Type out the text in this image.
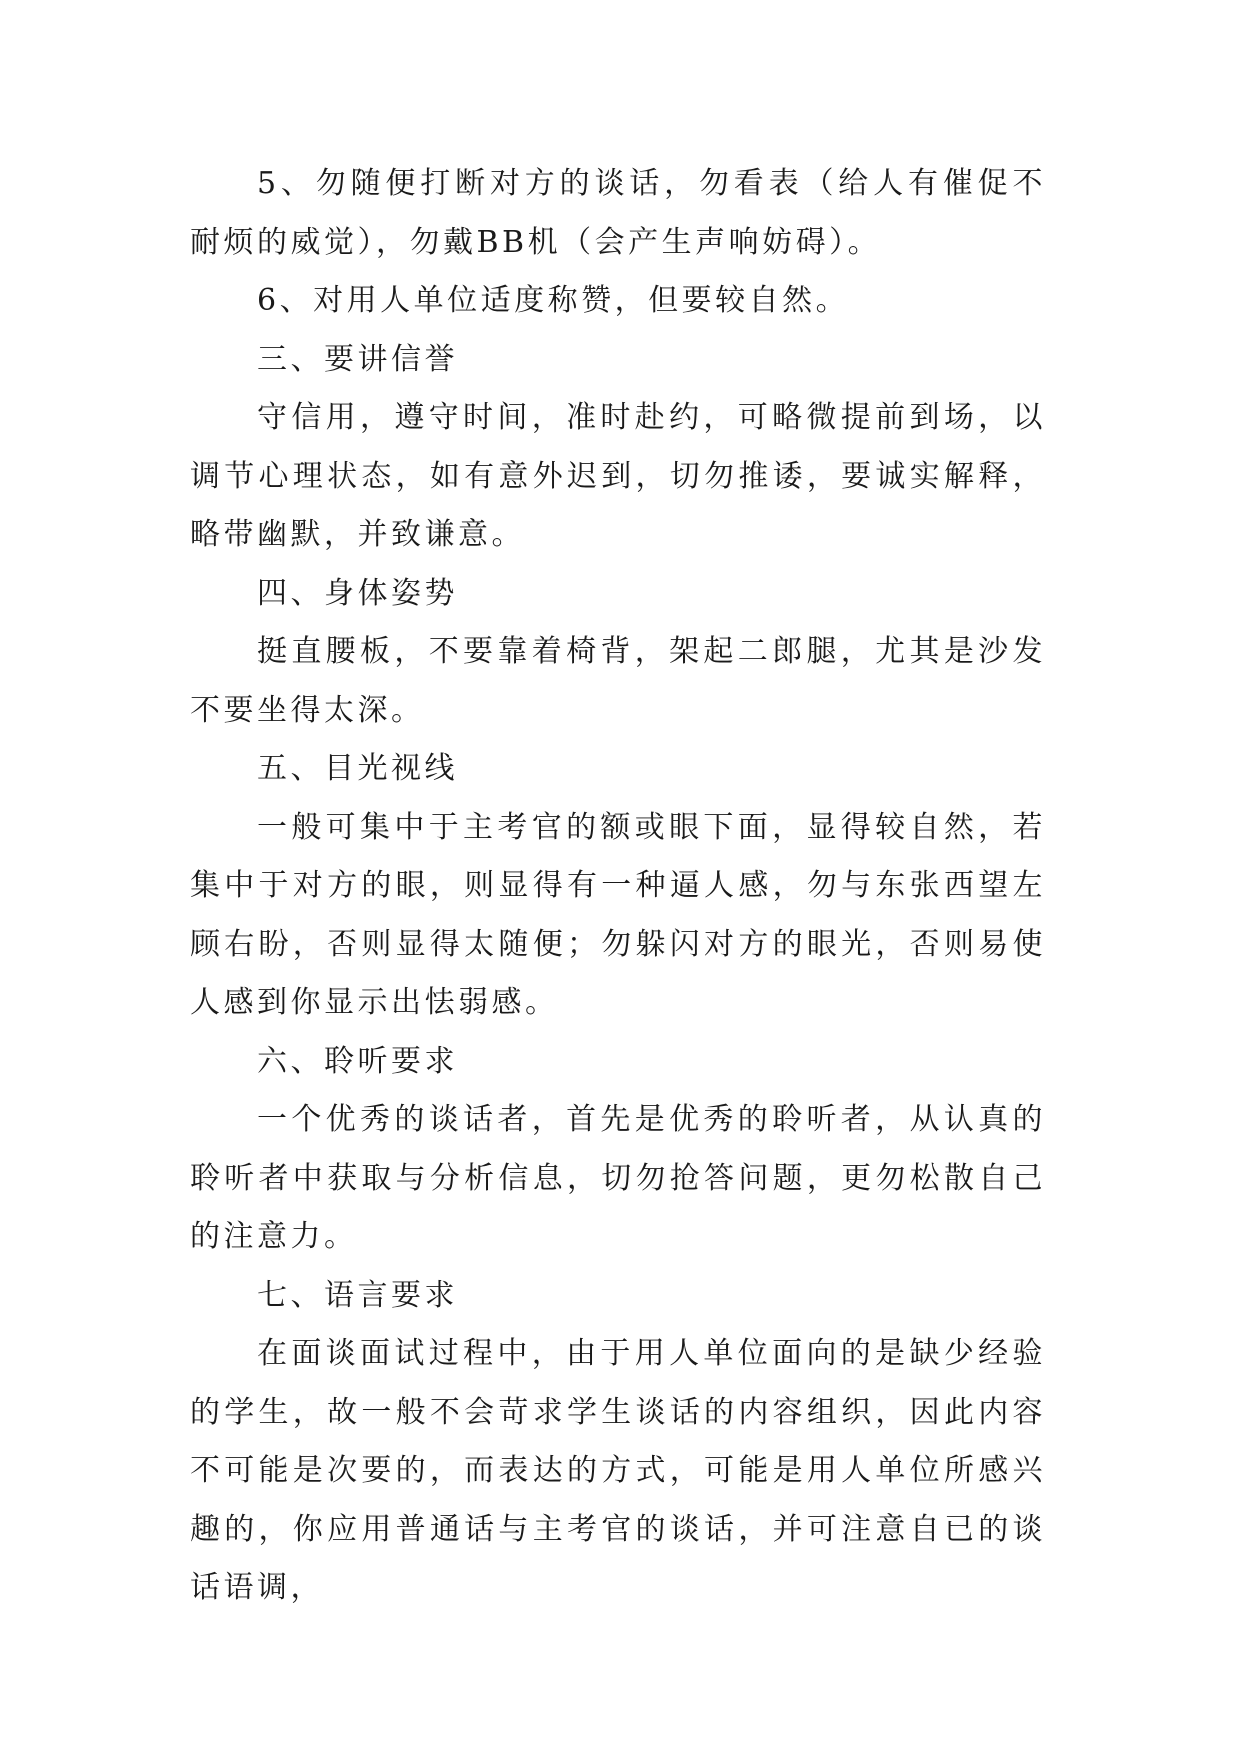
5、勿随便打断对方的谈话，勿看表（给人有催促不耐烦的威觉），勿戴BB机（会产生声响妨碍）。

6、对用人单位适度称赞，但要较自然。

三、要讲信誉

守信用，遵守时间，准时赴约，可略微提前到场，以调节心理状态，如有意外迟到，切勿推诿，要诚实解释，略带幽默，并致谦意。

四、身体姿势

挺直腰板，不要靠着椅背，架起二郎腿，尤其是沙发不要坐得太深。

五、目光视线

一般可集中于主考官的额或眼下面，显得较自然，若集中于对方的眼，则显得有一种逼人感，勿与东张西望左顾右盼，否则显得太随便；勿躲闪对方的眼光，否则易使人感到你显示出怯弱感。

六、聆听要求

一个优秀的谈话者，首先是优秀的聆听者，从认真的聆听者中获取与分析信息，切勿抢答问题，更勿松散自己的注意力。

七、语言要求

在面谈面试过程中，由于用人单位面向的是缺少经验的学生，故一般不会苛求学生谈话的内容组织，因此内容不可能是次要的，而表达的方式，可能是用人单位所感兴趣的，你应用普通话与主考官的谈话，并可注意自已的谈话语调，
